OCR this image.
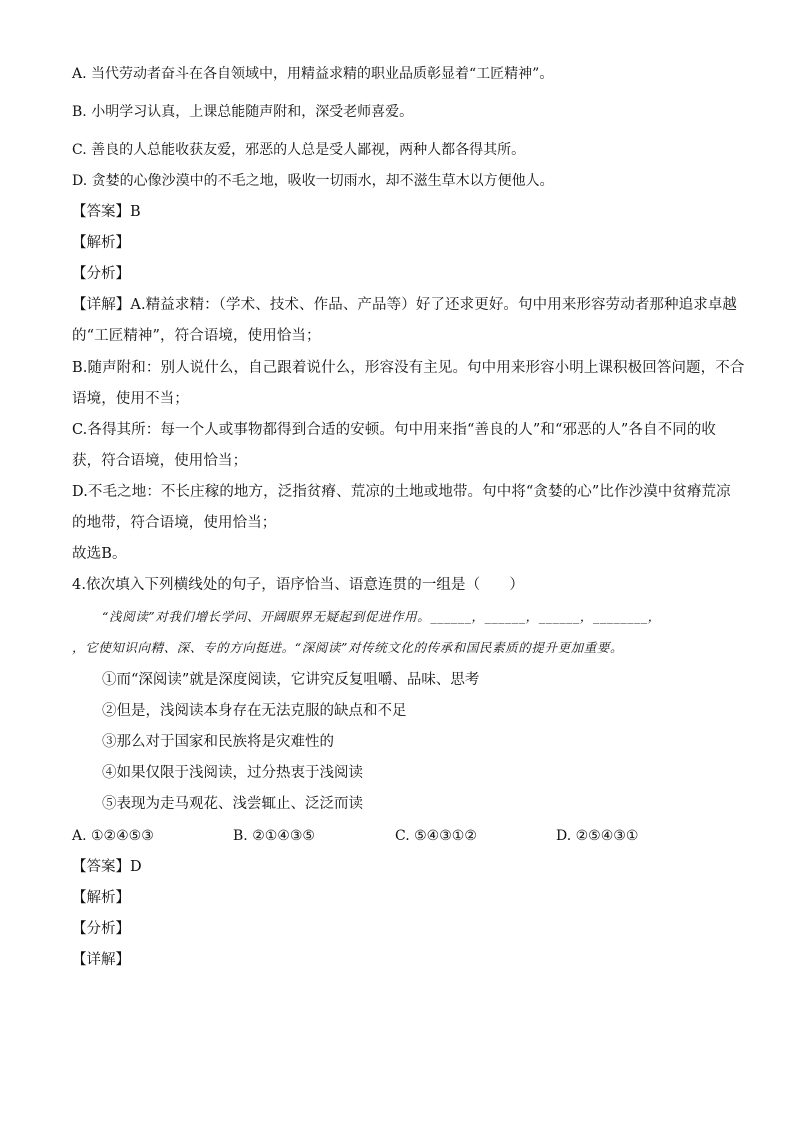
A. 当代劳动者奋斗在各自领域中，用精益求精的职业品质彰显着“工匠精神”。
B. 小明学习认真，上课总能随声附和，深受老师喜爱。
C. 善良的人总能收获友爱，邪恶的人总是受人鄙视，两种人都各得其所。
D. 贪婪的心像沙漠中的不毛之地，吸收一切雨水，却不滋生草木以方便他人。
【答案】B
【解析】
【分析】
【详解】A.精益求精：（学术、技术、作品、产品等）好了还求更好。句中用来形容劳动者那种追求卓越
的“工匠精神”，符合语境，使用恰当；
B.随声附和：别人说什么，自己跟着说什么，形容没有主见。句中用来形容小明上课积极回答问题，不合
语境，使用不当；
C.各得其所：每一个人或事物都得到合适的安顿。句中用来指“善良的人”和“邪恶的人”各自不同的收
获，符合语境，使用恰当；
D.不毛之地：不长庄稼的地方，泛指贫瘠、荒凉的土地或地带。句中将“贪婪的心”比作沙漠中贫瘠荒凉
的地带，符合语境，使用恰当；
故选B。
4.依次填入下列横线处的句子，语序恰当、语意连贯的一组是（　　）
“浅阅读”对我们增长学问、开阔眼界无疑起到促进作用。______，______，______，________，
，它使知识向精、深、专的方向挺进。“深阅读”对传统文化的传承和国民素质的提升更加重要。
①而“深阅读”就是深度阅读，它讲究反复咀嚼、品味、思考
②但是，浅阅读本身存在无法克服的缺点和不足
③那么对于国家和民族将是灾难性的
④如果仅限于浅阅读，过分热衷于浅阅读
⑤表现为走马观花、浅尝辄止、泛泛而读
A. ①②④⑤③	B. ②①④③⑤	C. ⑤④③①②	D. ②⑤④③①
【答案】D
【解析】
【分析】
【详解】
